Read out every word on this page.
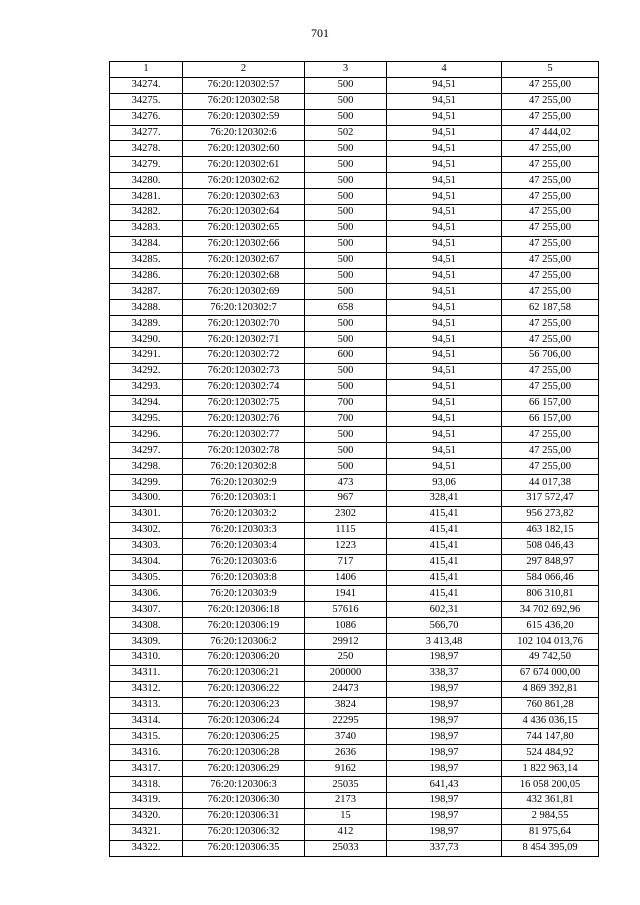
701
1	2	3	4	5
34274.	76:20:120302:57	500	94,51	47 255,00
34275.	76:20:120302:58	500	94,51	47 255,00
34276.	76:20:120302:59	500	94,51	47 255,00
34277.	76:20:120302:6	502	94,51	47 444,02
34278.	76:20:120302:60	500	94,51	47 255,00
34279.	76:20:120302:61	500	94,51	47 255,00
34280.	76:20:120302:62	500	94,51	47 255,00
34281.	76:20:120302:63	500	94,51	47 255,00
34282.	76:20:120302:64	500	94,51	47 255,00
34283.	76:20:120302:65	500	94,51	47 255,00
34284.	76:20:120302:66	500	94,51	47 255,00
34285.	76:20:120302:67	500	94,51	47 255,00
34286.	76:20:120302:68	500	94,51	47 255,00
34287.	76:20:120302:69	500	94,51	47 255,00
34288.	76:20:120302:7	658	94,51	62 187,58
34289.	76:20:120302:70	500	94,51	47 255,00
34290.	76:20:120302:71	500	94,51	47 255,00
34291.	76:20:120302:72	600	94,51	56 706,00
34292.	76:20:120302:73	500	94,51	47 255,00
34293.	76:20:120302:74	500	94,51	47 255,00
34294.	76:20:120302:75	700	94,51	66 157,00
34295.	76:20:120302:76	700	94,51	66 157,00
34296.	76:20:120302:77	500	94,51	47 255,00
34297.	76:20:120302:78	500	94,51	47 255,00
34298.	76:20:120302:8	500	94,51	47 255,00
34299.	76:20:120302:9	473	93,06	44 017,38
34300.	76:20:120303:1	967	328,41	317 572,47
34301.	76:20:120303:2	2302	415,41	956 273,82
34302.	76:20:120303:3	1115	415,41	463 182,15
34303.	76:20:120303:4	1223	415,41	508 046,43
34304.	76:20:120303:6	717	415,41	297 848,97
34305.	76:20:120303:8	1406	415,41	584 066,46
34306.	76:20:120303:9	1941	415,41	806 310,81
34307.	76:20:120306:18	57616	602,31	34 702 692,96
34308.	76:20:120306:19	1086	566,70	615 436,20
34309.	76:20:120306:2	29912	3 413,48	102 104 013,76
34310.	76:20:120306:20	250	198,97	49 742,50
34311.	76:20:120306:21	200000	338,37	67 674 000,00
34312.	76:20:120306:22	24473	198,97	4 869 392,81
34313.	76:20:120306:23	3824	198,97	760 861,28
34314.	76:20:120306:24	22295	198,97	4 436 036,15
34315.	76:20:120306:25	3740	198,97	744 147,80
34316.	76:20:120306:28	2636	198,97	524 484,92
34317.	76:20:120306:29	9162	198,97	1 822 963,14
34318.	76:20:120306:3	25035	641,43	16 058 200,05
34319.	76:20:120306:30	2173	198,97	432 361,81
34320.	76:20:120306:31	15	198,97	2 984,55
34321.	76:20:120306:32	412	198,97	81 975,64
34322.	76:20:120306:35	25033	337,73	8 454 395,09
